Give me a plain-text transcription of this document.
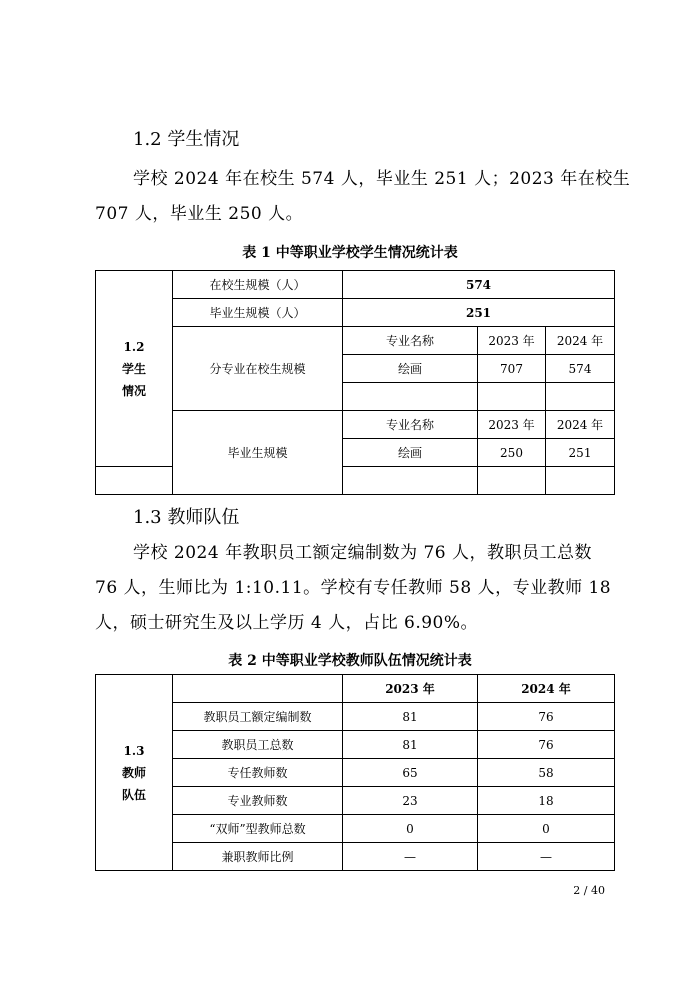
1.2 学生情况
学校 2024 年在校生 574 人，毕业生 251 人；2023 年在校生
707 人，毕业生 250 人。
表 1 中等职业学校学生情况统计表
1.2
学生
情况	在校生规模（人）	574		
	毕业生规模（人）	251		
	分专业在校生规模	专业名称	2023 年	2024 年
		绘画	707	574

	毕业生规模	专业名称	2023 年	2024 年
		绘画	250	251

1.3 教师队伍
学校 2024 年教职员工额定编制数为 76 人，教职员工总数
76 人，生师比为 1:10.11。学校有专任教师 58 人，专业教师 18
人，硕士研究生及以上学历 4 人，占比 6.90%。
表 2 中等职业学校教师队伍情况统计表
1.3
教师
队伍		2023 年	2024 年
	教职员工额定编制数	81	76
	教职员工总数	81	76
	专任教师数	65	58
	专业教师数	23	18
	“双师”型教师总数	0	0
	兼职教师比例	—	—
2 / 40
